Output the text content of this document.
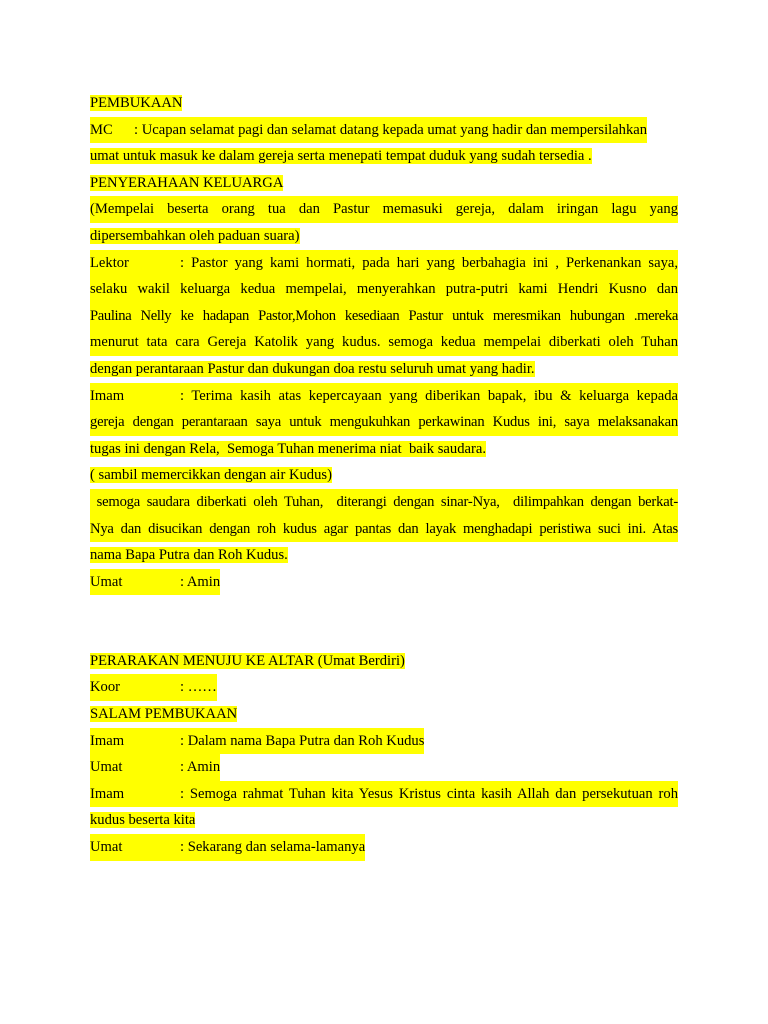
PEMBUKAAN
MC	: Ucapan selamat pagi dan selamat datang kepada umat yang hadir dan mempersilahkan
umat untuk masuk ke dalam gereja serta menepati tempat duduk yang sudah tersedia .
PENYERAHAAN KELUARGA
(Mempelai beserta orang tua dan Pastur memasuki gereja, dalam iringan lagu yang
dipersembahkan oleh paduan suara)
Lektor	: Pastor yang kami hormati, pada hari yang berbahagia ini , Perkenankan saya,
selaku wakil keluarga kedua mempelai, menyerahkan putra-putri kami Hendri Kusno dan
Paulina Nelly ke hadapan Pastor,Mohon kesediaan Pastur untuk meresmikan hubungan .mereka
menurut tata cara Gereja Katolik yang kudus. semoga kedua mempelai diberkati oleh Tuhan
dengan perantaraan Pastur dan dukungan doa restu seluruh umat yang hadir.
Imam	: Terima kasih atas kepercayaan yang diberikan bapak, ibu & keluarga kepada
gereja dengan perantaraan saya untuk mengukuhkan perkawinan Kudus ini, saya melaksanakan
tugas ini dengan Rela,  Semoga Tuhan menerima niat  baik saudara.
( sambil memercikkan dengan air Kudus)
semoga saudara diberkati oleh Tuhan,  diterangi dengan sinar-Nya,  dilimpahkan dengan berkat-
Nya dan disucikan dengan roh kudus agar pantas dan layak menghadapi peristiwa suci ini. Atas
nama Bapa Putra dan Roh Kudus.
Umat	: Amin
PERARAKAN MENUJU KE ALTAR (Umat Berdiri)
Koor	: ……
SALAM PEMBUKAAN
Imam	: Dalam nama Bapa Putra dan Roh Kudus
Umat	: Amin
Imam	: Semoga rahmat Tuhan kita Yesus Kristus cinta kasih Allah dan persekutuan roh
kudus beserta kita
Umat	: Sekarang dan selama-lamanya
